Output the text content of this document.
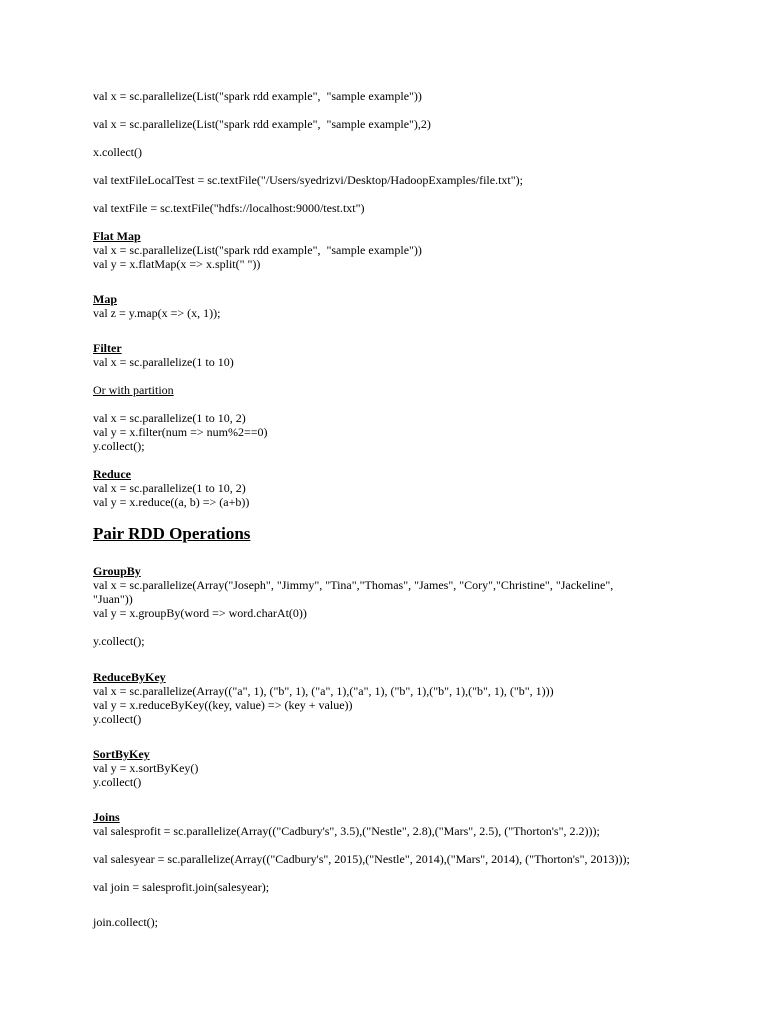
val x = sc.parallelize(List("spark rdd example",  "sample example"))

val x = sc.parallelize(List("spark rdd example",  "sample example"),2)

x.collect()

val textFileLocalTest = sc.textFile("/Users/syedrizvi/Desktop/HadoopExamples/file.txt");

val textFile = sc.textFile("hdfs://localhost:9000/test.txt")

Flat Map

val x = sc.parallelize(List("spark rdd example",  "sample example"))

val y = x.flatMap(x => x.split(" "))

Map

val z = y.map(x => (x, 1));

Filter

val x = sc.parallelize(1 to 10)

Or with partition

val x = sc.parallelize(1 to 10, 2)

val y = x.filter(num => num%2==0)

y.collect();

Reduce

val x = sc.parallelize(1 to 10, 2)

val y = x.reduce((a, b) => (a+b))

Pair RDD Operations

GroupBy

val x = sc.parallelize(Array("Joseph", "Jimmy", "Tina","Thomas", "James", "Cory","Christine", "Jackeline",

"Juan"))

val y = x.groupBy(word => word.charAt(0))

y.collect();

ReduceByKey

val x = sc.parallelize(Array(("a", 1), ("b", 1), ("a", 1),("a", 1), ("b", 1),("b", 1),("b", 1), ("b", 1)))

val y = x.reduceByKey((key, value) => (key + value))

y.collect()

SortByKey

val y = x.sortByKey()

y.collect()

Joins

val salesprofit = sc.parallelize(Array(("Cadbury's", 3.5),("Nestle", 2.8),("Mars", 2.5), ("Thorton's", 2.2)));

val salesyear = sc.parallelize(Array(("Cadbury's", 2015),("Nestle", 2014),("Mars", 2014), ("Thorton's", 2013)));

val join = salesprofit.join(salesyear);

join.collect();
